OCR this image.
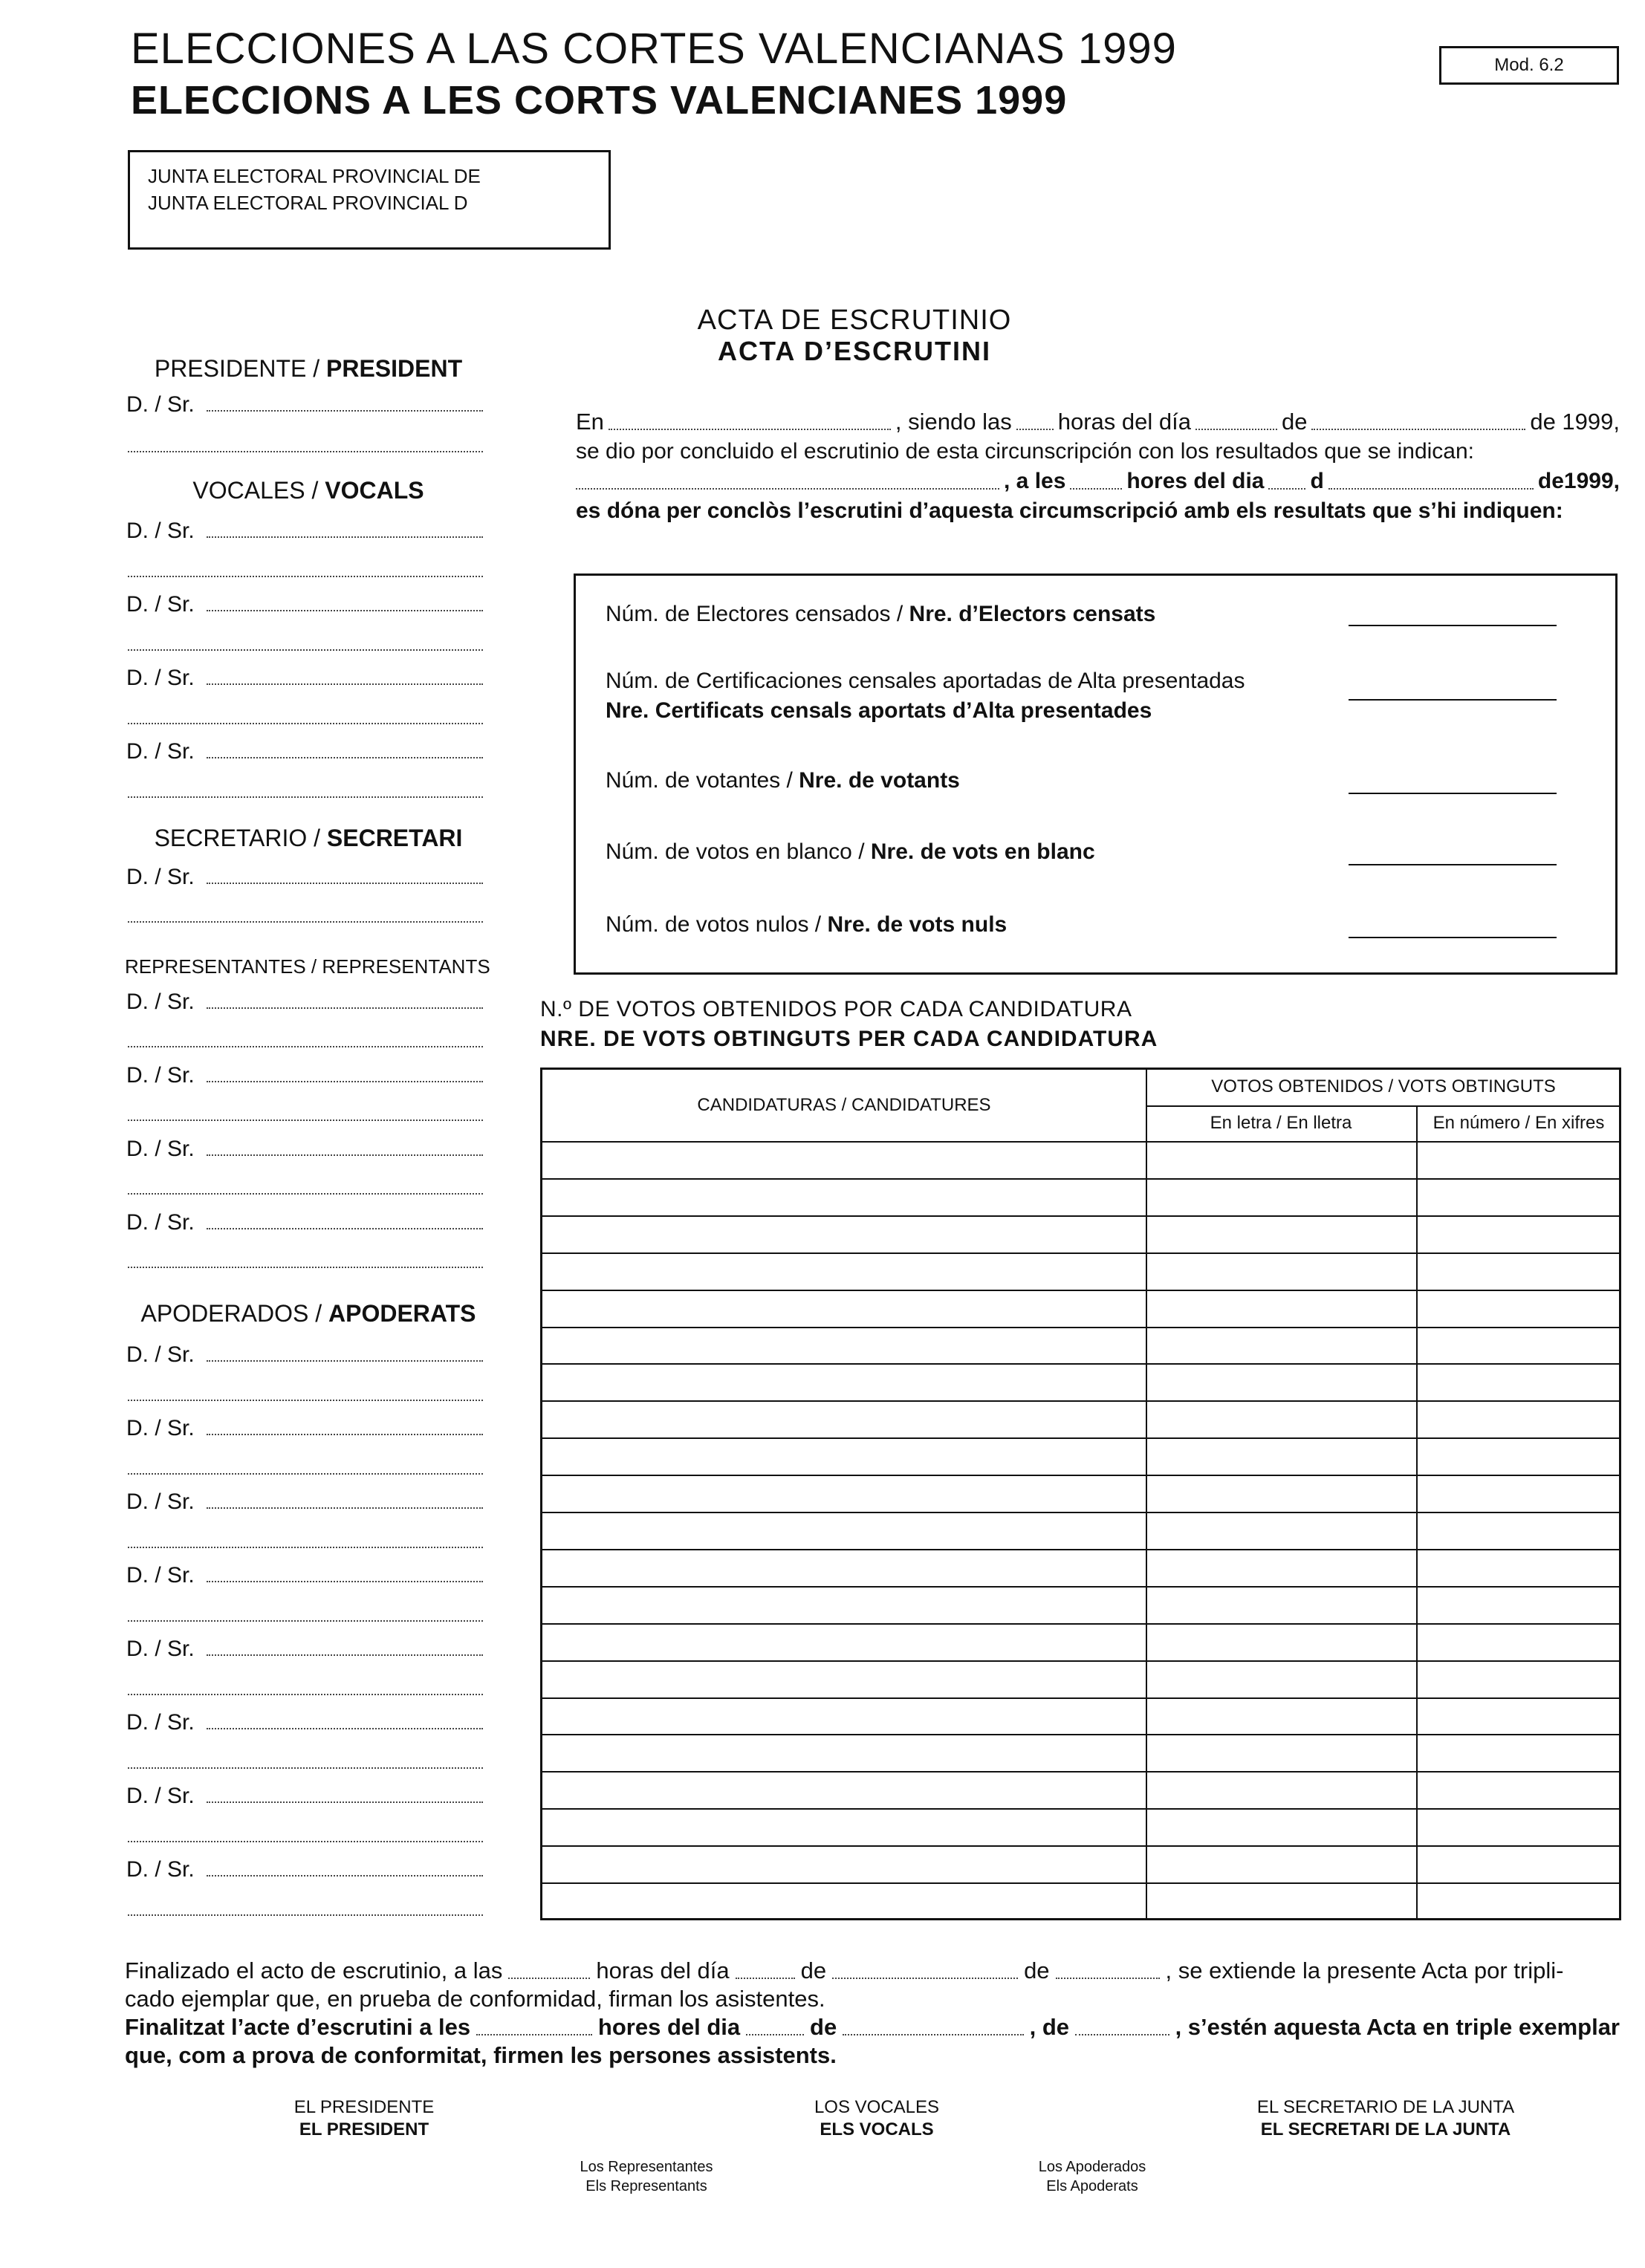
ELECCIONES A LAS CORTES VALENCIANAS 1999
ELECCIONS A LES CORTS VALENCIANES 1999
Mod. 6.2
JUNTA ELECTORAL PROVINCIAL DE
JUNTA ELECTORAL PROVINCIAL D
ACTA DE ESCRUTINIO
ACTA D’ESCRUTINI
PRESIDENTE / PRESIDENT
D. / Sr.
VOCALES / VOCALS
D. / Sr.
D. / Sr.
D. / Sr.
D. / Sr.
SECRETARIO / SECRETARI
D. / Sr.
REPRESENTANTES / REPRESENTANTS
D. / Sr.
D. / Sr.
D. / Sr.
D. / Sr.
APODERADOS / APODERATS
D. / Sr.
D. / Sr.
D. / Sr.
D. / Sr.
D. / Sr.
D. / Sr.
D. / Sr.
D. / Sr.
En	, siendo las horas del día	de	de 1999,
se dio por concluido el escrutinio de esta circunscripción con los resultados que se indican:
, a les	hores del dia d	de1999,
es dóna per conclòs l’escrutini d’aquesta circumscripció amb els resultats que s’hi indiquen:
Núm. de Electores censados / Nre. d’Electors censats
Núm. de Certificaciones censales aportadas de Alta presentadas
Nre. Certificats censals aportats d’Alta presentades
Núm. de votantes / Nre. de votants
Núm. de votos en blanco / Nre. de vots en blanc
Núm. de votos nulos / Nre. de vots nuls
N.º DE VOTOS OBTENIDOS POR CADA CANDIDATURA
NRE. DE VOTS OBTINGUTS PER CADA CANDIDATURA
CANDIDATURAS / CANDIDATURES
VOTOS OBTENIDOS / VOTS OBTINGUTS
En letra / En lletra	En número / En xifres
Finalizado el acto de escrutinio, a las	horas del día	de	de	, se extiende la presente Acta por tripli-
cado ejemplar que, en prueba de conformidad, firman los asistentes.
Finalitzat l’acte d’escrutini a les	hores del dia	de	, de	, s’estén aquesta Acta en triple exemplar
que, com a prova de conformitat, firmen les persones assistents.
EL PRESIDENTE
EL PRESIDENT
LOS VOCALES
ELS VOCALS
EL SECRETARIO DE LA JUNTA
EL SECRETARI DE LA JUNTA
Los Representantes
Els Representants
Los Apoderados
Els Apoderats
